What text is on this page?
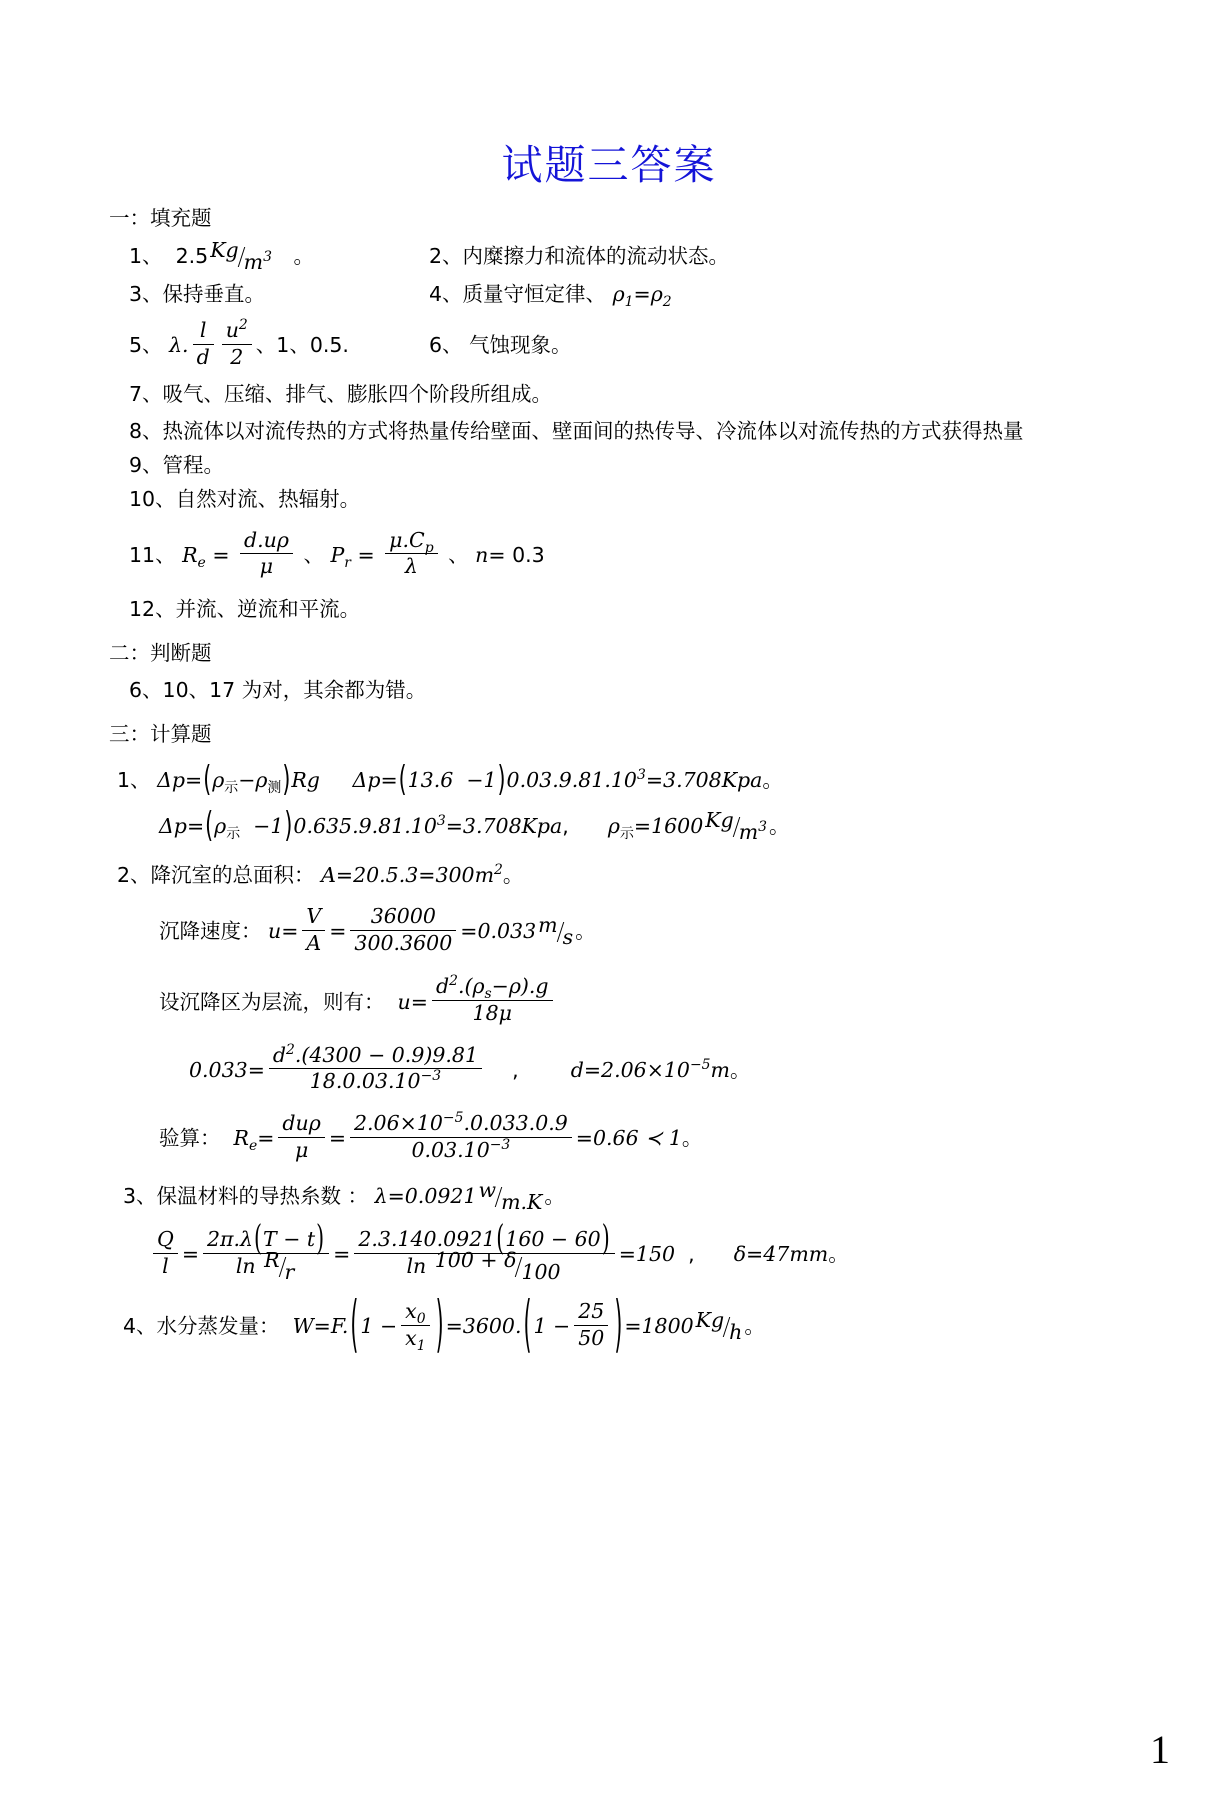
试题三答案
一：填充题
1、  2.5Kg $m^3$   。	2、内糜擦力和流体的流动状态。
3、保持垂直。	4、质量守恒定律、 $\rho_1=\rho_2$
5、 λ. $\frac{l}{d} \frac{u^2}{2}$ 、1、0.5.	6、 气蚀现象。
7、吸气、压缩、排气、膨胀四个阶段所组成。
8、热流体以对流传热的方式将热量传给壁面、壁面间的热传导、冷流体以对流传热的方式获得热量
9、管程。
10、自然对流、热辐射。
11、 $R_e = \frac{d.u\rho}{\mu}$ 、 $P_r = \frac{\mu.C_p}{\lambda}$ 、 n = 0.3
12、并流、逆流和平流。
二：判断题
6、10、17 为对，其余都为错。
三：计算题
1、 Δp = ( $\rho_示 -\rho_测$ ) Rg
Δp = ( 13.6  −1 ) $0.03.9.81.10^3 = 3.708Kpa$ 。
Δp = ( $\rho_示$
−1 ) $0.635.9.81.10^3 = 3.708Kpa$ , $\rho_示 = 1600$ Kg $m^3$ 。
2、降沉室的总面积： $A = 20.5.3 = 300m^2$ 。
沉降速度： $u = \frac{V}{A} = \frac{36000}{300.3600} = 0.033$ m s 。
设沉降区为层流，则有： $u = \frac{d^2.(\rho_s-\rho).g}{18\mu}$
$0.033 = \frac{d^2.(4300 - 0.9)9.81}{18.0.03.10^{-3}}$ , $d = 2.06\times 10^{-5}m$ 。
验算： $R_e = \frac{\text{duρ}}{\mu} = \frac{2.06\times 10^{-5}.0.033.0.9}{0.03.10^{-3}} = 0.66$ ≺ 1 。
3、保温材料的导热糸数 ： λ = 0.0921 w m.K 。
$\frac{Q}{l} = \frac{2\pi.\lambda(T - t)}{\text{ln R r}} = \frac{2.3.140.0921(160 - 60)}{\ln 100 + \delta 100} = 150$ , δ = 47mm 。
4、水分蒸发量： W = F. ( $1 - \frac{x_0}{x_1}$ ) = 3600. ( $1 - \frac{25}{50}$ ) = 1800 Kg h 。
1
